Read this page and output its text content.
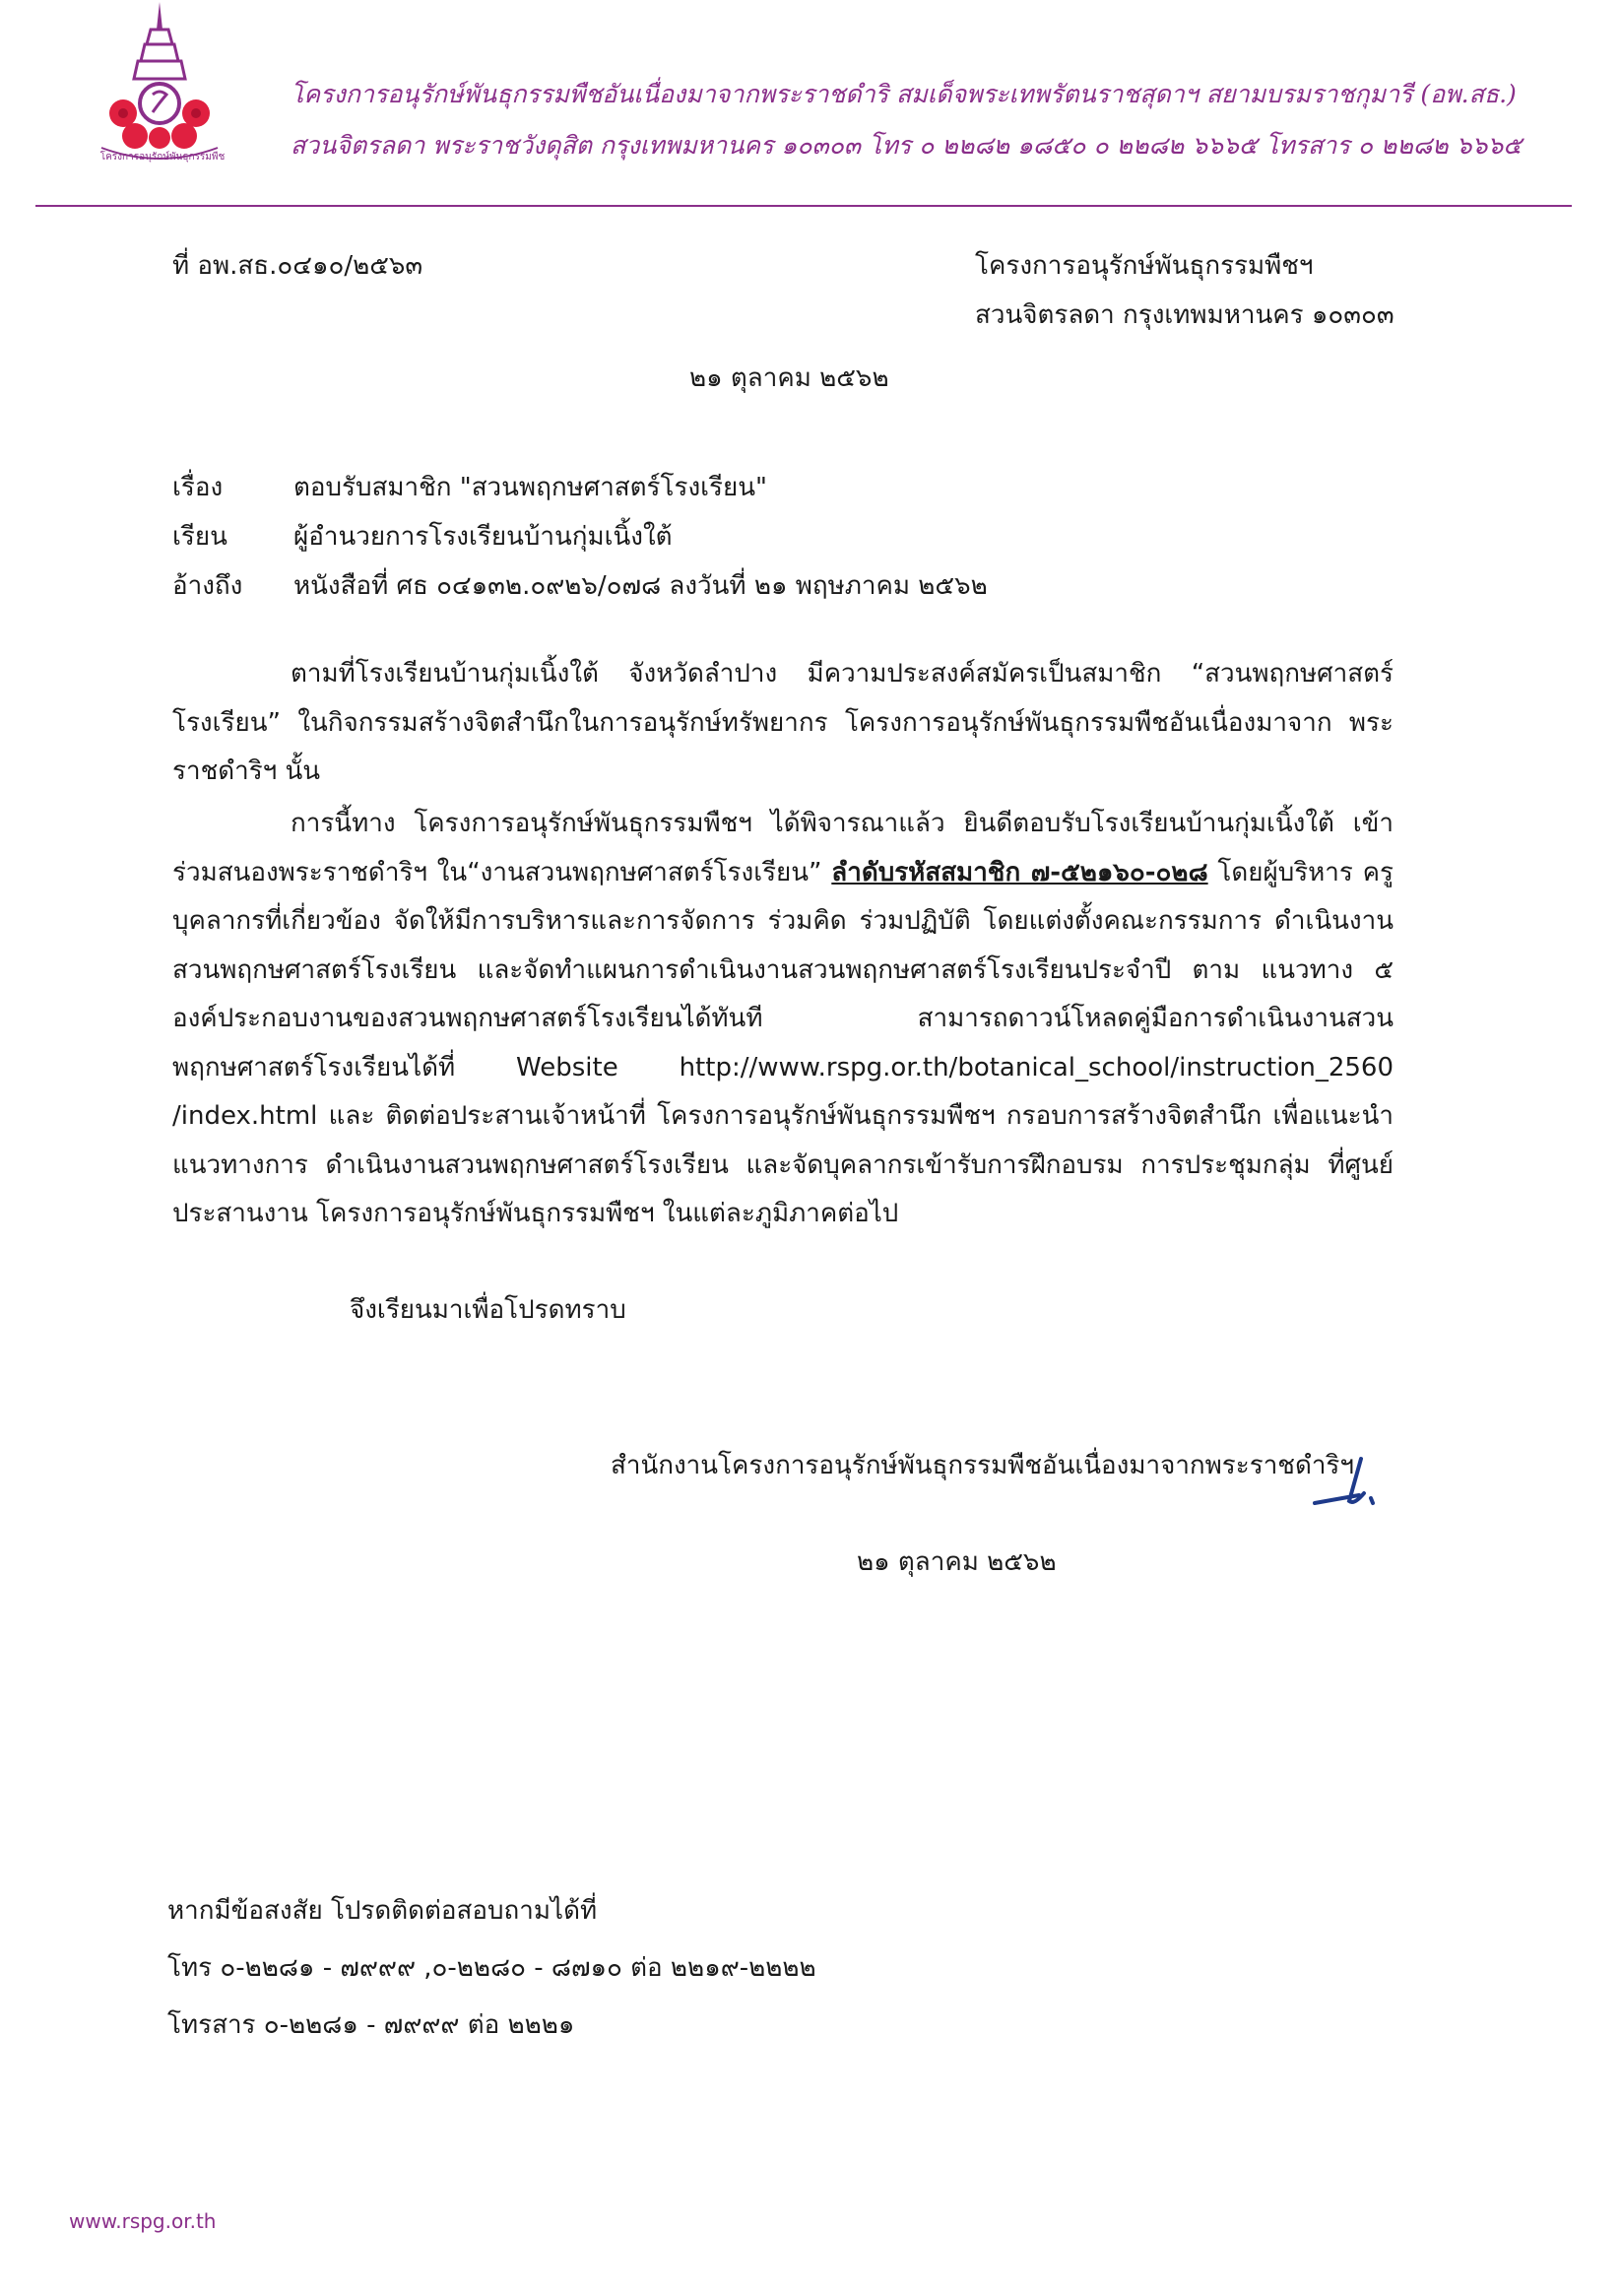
โครงการอนุรักษ์พันธุกรรมพืช
โครงการอนุรักษ์พันธุกรรมพืชอันเนื่องมาจากพระราชดำริ สมเด็จพระเทพรัตนราชสุดาฯ สยามบรมราชกุมารี (อพ.สธ.)
สวนจิตรลดา พระราชวังดุสิต กรุงเทพมหานคร ๑๐๓๐๓ โทร ๐ ๒๒๘๒ ๑๘๕๐ ๐ ๒๒๘๒ ๖๖๖๕ โทรสาร ๐ ๒๒๘๒ ๖๖๖๕
ที่ อพ.สธ.๐๔๑๐/๒๕๖๓	โครงการอนุรักษ์พันธุกรรมพืชฯ
สวนจิตรลดา กรุงเทพมหานคร ๑๐๓๐๓
๒๑ ตุลาคม ๒๕๖๒
เรื่อง	ตอบรับสมาชิก "สวนพฤกษศาสตร์โรงเรียน"
เรียน	ผู้อำนวยการโรงเรียนบ้านกุ่มเนิ้งใต้
อ้างถึง	หนังสือที่ ศธ ๐๔๑๓๒.๐๙๒๖/๐๗๘ ลงวันที่ ๒๑ พฤษภาคม ๒๕๖๒
ตามที่โรงเรียนบ้านกุ่มเนิ้งใต้ จังหวัดลำปาง มีความประสงค์สมัครเป็นสมาชิก “สวนพฤกษศาสตร์ โรงเรียน” ในกิจกรรมสร้างจิตสำนึกในการอนุรักษ์ทรัพยากร โครงการอนุรักษ์พันธุกรรมพืชอันเนื่องมาจาก พระราชดำริฯ นั้น
การนี้ทาง โครงการอนุรักษ์พันธุกรรมพืชฯ ได้พิจารณาแล้ว ยินดีตอบรับโรงเรียนบ้านกุ่มเนิ้งใต้ เข้าร่วมสนองพระราชดำริฯ ใน“งานสวนพฤกษศาสตร์โรงเรียน” ลำดับรหัสสมาชิก ๗-๕๒๑๖๐-๐๒๘ โดยผู้บริหาร ครู บุคลากรที่เกี่ยวข้อง จัดให้มีการบริหารและการจัดการ ร่วมคิด ร่วมปฏิบัติ โดยแต่งตั้งคณะกรรมการ ดำเนินงานสวนพฤกษศาสตร์โรงเรียน และจัดทำแผนการดำเนินงานสวนพฤกษศาสตร์โรงเรียนประจำปี ตาม แนวทาง ๕ องค์ประกอบงานของสวนพฤกษศาสตร์โรงเรียนได้ทันที สามารถดาวน์โหลดคู่มือการดำเนินงานสวน พฤกษศาสตร์โรงเรียนได้ที่ Website http://www.rspg.or.th/botanical_school/instruction_2560 /index.html และ ติดต่อประสานเจ้าหน้าที่ โครงการอนุรักษ์พันธุกรรมพืชฯ กรอบการสร้างจิตสำนึก เพื่อแนะนำแนวทางการ ดำเนินงานสวนพฤกษศาสตร์โรงเรียน และจัดบุคลากรเข้ารับการฝึกอบรม การประชุมกลุ่ม ที่ศูนย์ประสานงาน โครงการอนุรักษ์พันธุกรรมพืชฯ ในแต่ละภูมิภาคต่อไป
จึงเรียนมาเพื่อโปรดทราบ
สำนักงานโครงการอนุรักษ์พันธุกรรมพืชอันเนื่องมาจากพระราชดำริฯ
๒๑ ตุลาคม ๒๕๖๒
หากมีข้อสงสัย โปรดติดต่อสอบถามได้ที่
โทร ๐-๒๒๘๑ - ๗๙๙๙ ,๐-๒๒๘๐ - ๘๗๑๐ ต่อ ๒๒๑๙-๒๒๒๒
โทรสาร ๐-๒๒๘๑ - ๗๙๙๙ ต่อ ๒๒๒๑
www.rspg.or.th
